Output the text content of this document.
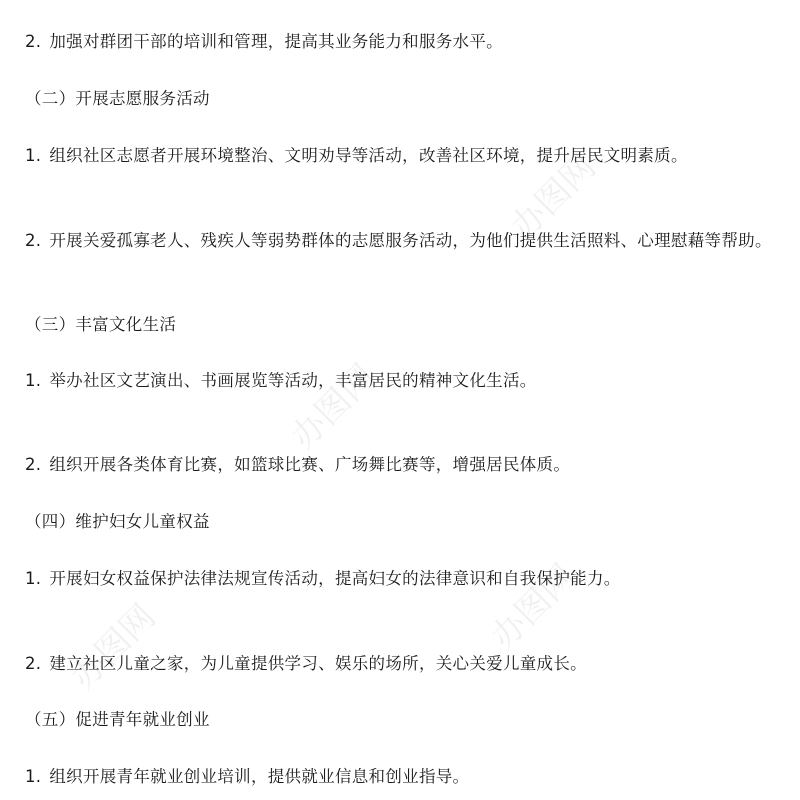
办图网
办图网
办图网	办图网
2. 加强对群团干部的培训和管理，提高其业务能力和服务水平。
（二）开展志愿服务活动
1. 组织社区志愿者开展环境整治、文明劝导等活动，改善社区环境，提升居民文明素质。
2. 开展关爱孤寡老人、残疾人等弱势群体的志愿服务活动，为他们提供生活照料、心理慰藉等帮助。
（三）丰富文化生活
1. 举办社区文艺演出、书画展览等活动，丰富居民的精神文化生活。
2. 组织开展各类体育比赛，如篮球比赛、广场舞比赛等，增强居民体质。
（四）维护妇女儿童权益
1. 开展妇女权益保护法律法规宣传活动，提高妇女的法律意识和自我保护能力。
2. 建立社区儿童之家，为儿童提供学习、娱乐的场所，关心关爱儿童成长。
（五）促进青年就业创业
1. 组织开展青年就业创业培训，提供就业信息和创业指导。
